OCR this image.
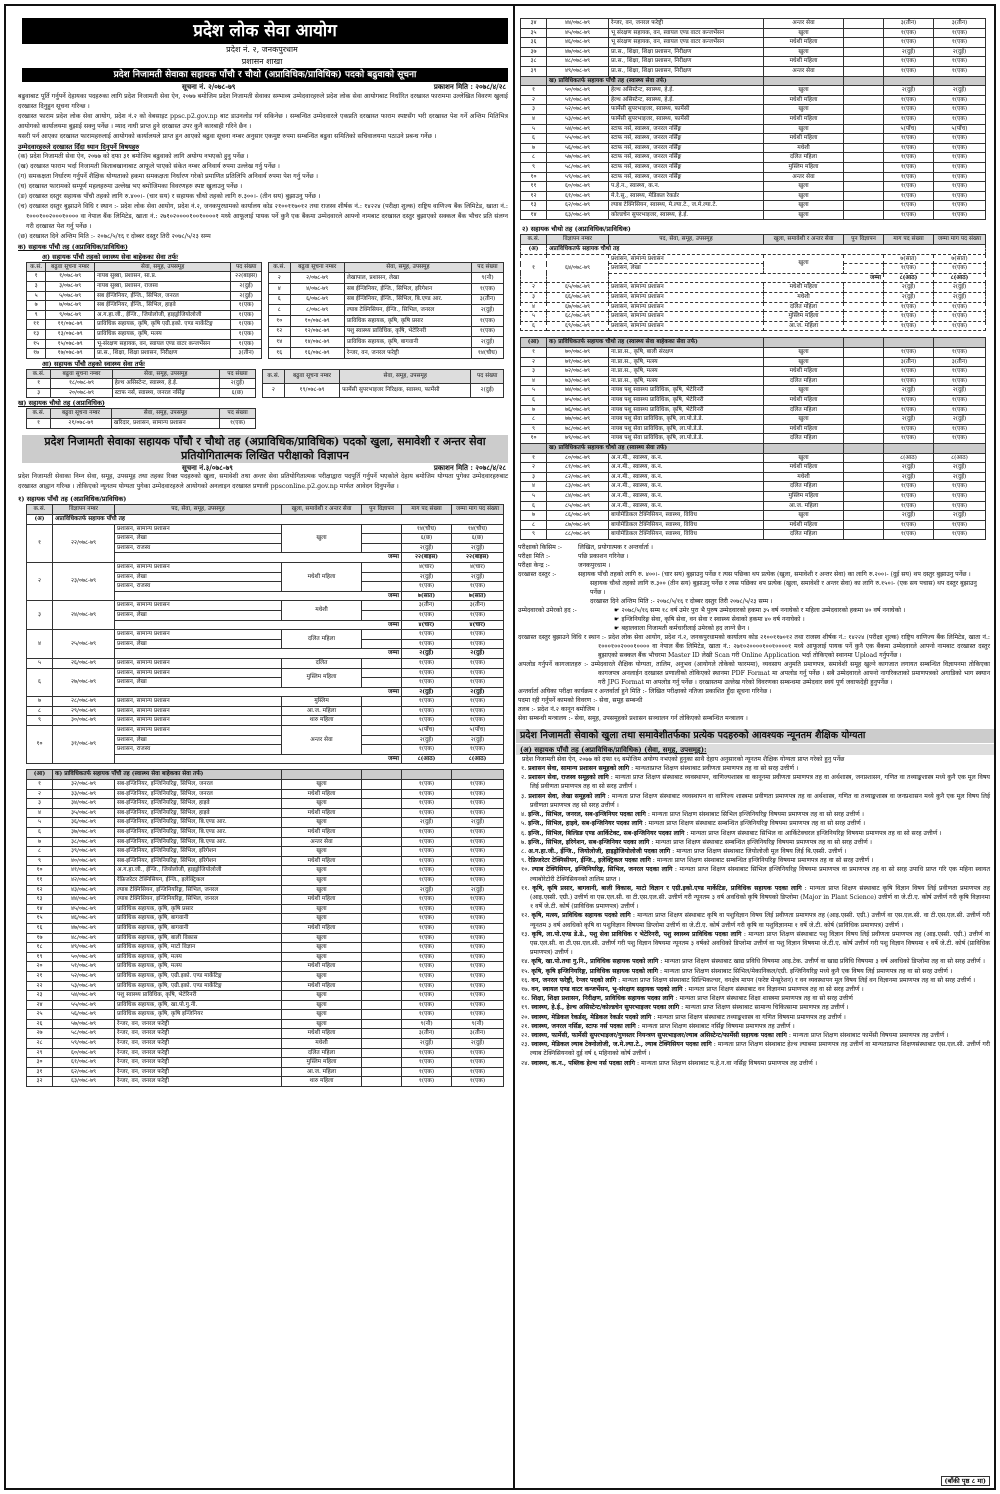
प्रदेश लोक सेवा आयोग
प्रदेश नं. २, जनकपुरधाम
प्रशासन शाखा
प्रदेश निजामती सेवाका सहायक पाँचौ र चौथो (अप्राविधिक/प्राविधिक) पदको बढुवाको सूचना
सूचना नं. २/०७८-७९	प्रकाशन मिति : २०७८/४/२८

बढुवाबाट पूर्ति गर्नुपर्ने देहायका पदहरुका लागि प्रदेश निजामती सेवा ऐन, २०७७ बमोजिम प्रदेश निजामती सेवाका सम्भाव्य उम्मेदवारहरुले प्रदेश लोक सेवा आयोगबाट निर्धारित दरखास्त फाराममा उल्लेखित विवरण खुलाई दरखास्त दिनुहुन सूचना गरिन्छ ।

दरखास्त फाराम प्रदेश लोक सेवा आयोग, प्रदेश नं.२ को वेबसाइट ppsc.p2.gov.np बाट डाउनलोड गर्न सकिनेछ । सम्बन्धित उम्मेदवारले एकप्रति दरखास्त फाराम स्पष्टसँग भरी दरखास्त पेश गर्ने अन्तिम मितिभित्र आयोगको कार्यालयमा बुझाई सक्नु पर्नेछ । म्याद नाघी प्राप्त हुने दरखास्त उपर कुनै कारबाही गरिने छैन ।

यसरी पर्न आएका दरखास्त फारामहरुलाई आयोगको कार्यालयले प्राप्त हुन आएको बढुवा सूचना नम्बर अनुसार एकमुष्ट रुपमा सम्बन्धित बढुवा समितिको सचिवालयमा पठाउने प्रबन्ध गर्नेछ ।

उम्मेदवारहरुले दरखास्त दिँदा ध्यान दिनुपर्ने विषयहरु

(क) प्रदेश निजामती सेवा ऐन, २०७७ को दफा ३१ बमोजिम बढुवाको लागि अयोग्य नभएको हुनु पर्नेछ ।

(ख) दरखास्त फाराम भर्दा निजामती किताबखानाबाट आफूले पाएको संकेत नम्बर अनिवार्य रुपमा उल्लेख गर्नु पर्नेछ ।

(ग) समकक्षता निर्धारण गर्नुपर्ने शैक्षिक योग्यताको हकमा समकक्षता निर्धारण गरेको प्रमाणित प्रतिलिपि अनिवार्य रुपमा पेश गर्नु पर्नेछ ।

(घ) दरखास्त फारामको सम्पूर्ण महलहरुमा उल्लेख भए बमोजिमका विवरणहरु स्पष्ट खुलाउनु पर्नेछ ।

(ङ) दरखास्त दस्तुर सहायक पाँचौ तहको लागि रु.४००।- (चार सय) र सहायक चौथो तहको लागि रु.३००।- (तीन सय) बुझाउनु पर्नेछ ।

(च) दरखास्त दस्तुर बुझाउने विधि र स्थान :- प्रदेश लोक सेवा आयोग, प्रदेश नं.२, जनकपुरधामको कार्यालय कोड २१००११७०१२ तथा राजस्व शीर्षक नं.: १४२२४ (परीक्षा शुल्क) राष्ट्रिय वाणिज्य बैंक लिमिटेड, खाता नं.: १०००१००२०००१०००० वा नेपाल बैंक लिमिटेड, खाता नं.: २७१०२००००१००१००००१ मध्ये आफूलाई पायक पर्ने कुनै एक बैंकमा उम्मेदवारले आफ्नो नामबाट दरखास्त दस्तुर बुझाएको सक्कल बैंक भौचर प्रति संलग्न गरी दरखास्त पेश गर्नु पर्नेछ ।

(छ) दरखास्त दिने अन्तिम मिति :- २०७८/५/१६ र दोब्बर दस्तुर तिरी २०७८/५/२३ सम्म

क) सहायक पाँचौ तह (अप्राविधिक/प्राविधिक)
अ) सहायक पाँचौ तहको स्वास्थ्य सेवा बाहेकका सेवा तर्फः
क.सं.	बढुवा सूचना नम्बर	सेवा, समूह, उपसमूह	पद संख्या
१	१/०७८-७९	नायब सुब्बा, प्रशासन, सा.प्र.	२२(बाइस)
३	३/०७८-७९	नायब सुब्बा, प्रशासन, राजस्व	२(दुई)
५	५/०७८-७९	सब ईन्जिनियर, ईन्जि., सिभिल, जनरल	२(दुई)
७	७/०७८-७९	सब ईन्जिनियर, ईन्जि., सिभिल, हाइवे	१(एक)
९	९/०७८-७९	अ.ग.हा.जी., ईन्जि., जियोलोजी, हाइड्रोजियोलोजी	१(एक)
११	११/०७८-७९	प्राविधिक सहायक, कृषि, कृषि एग्री.इको. एण्ड मार्केटिङ्ग	१(एक)
१३	१३/०७८-७९	प्राविधिक सहायक, कृषि, मत्स्य	१(एक)
१५	१५/०७८-७९	भू-संरक्षण सहायक, वन, स्वायल एण्ड वाटर कन्जर्भेसन	१(एक)
१७	१७/०७८-७९	प्रा.स., शिक्षा, शिक्षा प्रशासन, निरीक्षण	३(तीन)
क.सं.	बढुवा सूचना नम्बर	सेवा, समूह, उपसमूह	पद संख्या
२	२/०७८-७९	लेखापाल, प्रशासन, लेखा	९(नौ)
४	४/०७८-७९	सब ईन्जिनियर, ईन्जि., सिभिल, इरिगेशन	१(एक)
६	६/०७८-७९	सब ईन्जिनियर, ईन्जि., सिभिल, बि.एण्ड आर.	३(तीन)
८	८/०७८-७९	ल्याब टेक्निसियन, ईन्जि., सिभिल, जनरल	२(दुई)
१०	१०/०७८-७९	प्राविधिक सहायक, कृषि, कृषि प्रसार	१(एक)
१२	१२/०७८-७९	पशु स्वास्थ्य प्राविधिक, कृषि, भेटेरिनरी	१(एक)
१४	१४/०७८-७९	प्राविधिक सहायक, कृषि, बागवानी	२(दुई)
१६	१६/०७८-७९	रेन्जर, वन, जनरल फरेष्ट्री	१४(चौध)
आ) सहायक पाँचौ तहको स्वास्थ्य सेवा तर्फः
क.सं.	बढुवा सूचना नम्बर	सेवा, समूह, उपसमूह	पद संख्या
१	१८/०७८-७९	हेल्थ असिस्टेन्ट, स्वास्थ्य, हे.ई.	२(दुई)
३	२०/०७८-७९	स्टाफ नर्स, स्वास्थ्य, जनरल नर्सिङ्ग	६(छ)
क.सं.	बढुवा सूचना नम्बर	सेवा, समूह, उपसमूह	पद संख्या
२	१९/०७८-७९	फार्मेसी सुपरभाइजर निरिक्षक, स्वास्थ्य, फार्मेसी	२(दुई)
ख) सहायक चौथो तह (अप्राविधिक)
क.सं.	बढुवा सूचना नम्बर	सेवा, समूह, उपसमूह	पद संख्या
१	२१/०७८-७९	खरिदार, प्रशासन, सामान्य प्रशासन	१(एक)
प्रदेश निजामती सेवाका सहायक पाँचौ र चौथो तह (अप्राविधिक/प्राविधिक) पदको खुला, समावेशी र अन्तर सेवा प्रतियोगितात्मक लिखित परीक्षाको विज्ञापन
सूचना नं.३/०७८-७९	प्रकाशन मिति : २०७८/४/२८

प्रदेश निजामती सेवाका निम्न सेवा, समूह, उपसमूह तथा तहका रिक्त पदहरुको खुला, समावेशी तथा अन्तर सेवा प्रतियोगितात्मक परीक्षाद्वारा पदपूर्ति गर्नुपर्ने भएकोले देहाय बमोजिम योग्यता पुगेका उम्मेदवारहरुबाट दरखास्त आह्वान गरिन्छ । तोकिएको न्यूनतम योग्यता पुगेका उम्मेदवारहरुले आयोगको अनलाइन दरखास्त प्रणाली ppsconline.p2.gov.np मार्फत आवेदन दिनुपर्नेछ ।

१) सहायक पाँचौ तह (अप्राविधिक/प्राविधिक)
क.सं.	विज्ञापन नम्बर	पद, सेवा, समूह, उपसमूह	खुला, समावेशी र अन्तर सेवा	पुन विज्ञापन	माग पद संख्या	जम्मा माग पद संख्या
(अ)	अप्राविधिकतर्फ सहायक पाँचौ तह					
१	२२/०७८-७९	प्रशासन, सामान्य प्रशासन	खुला		१४(चौध)	१४(चौध)
		प्रशासन, लेखा			६(छ)	६(छ)
		प्रशासन, राजस्व			२(दुई)	२(दुई)
		जम्मा			२२(बाइस)	२२(बाइस)
२	२३/०७८-७९	प्रशासन, सामान्य प्रशासन	मधेशी महिला		४(चार)	४(चार)
		प्रशासन, लेखा			२(दुई)	२(दुई)
		प्रशासन, राजस्व			१(एक)	१(एक)
		जम्मा			७(सात)	७(सात)
३	२४/०७८-७९	प्रशासन, सामान्य प्रशासन	मधेशी		३(तीन)	३(तीन)
		प्रशासन, लेखा			१(एक)	१(एक)
		जम्मा			४(चार)	४(चार)
४	२५/०७८-७९	प्रशासन, सामान्य प्रशासन	दलित महिला		१(एक)	१(एक)
		प्रशासन, लेखा			१(एक)	१(एक)
		जम्मा			२(दुई)	२(दुई)
५	२६/०७८-७९	प्रशासन, सामान्य प्रशासन	दलित		१(एक)	१(एक)
६	२७/०७८-७९	प्रशासन, सामान्य प्रशासन	मुस्लिम महिला		१(एक)	१(एक)
		प्रशासन, लेखा			१(एक)	१(एक)
		जम्मा			२(दुई)	२(दुई)
७	२८/०७८-७९	प्रशासन, सामान्य प्रशासन	मुस्लिम		१(एक)	१(एक)
८	२९/०७८-७९	प्रशासन, सामान्य प्रशासन	आ.ज. महिला		१(एक)	१(एक)
९	३०/०७८-७९	प्रशासन, सामान्य प्रशासन	थारु महिला		१(एक)	१(एक)
१०	३१/०७८-७९	प्रशासन, सामान्य प्रशासन	अन्तर सेवा		५(पाँच)	५(पाँच)
		प्रशासन, लेखा			२(दुई)	२(दुई)
		प्रशासन, राजस्व			१(एक)	१(एक)
		जम्मा			८(आठ)	८(आठ)

(आ)	क) प्राविधिकतर्फ सहायक पाँचौ तह (स्वास्थ्य सेवा बाहेकका सेवा तर्फ)					
१	३२/०७८-७९	सब-इन्जिनियर, इन्जिनियरिङ्ग, सिभिल, जनरल	खुला		१(एक)	१(एक)
२	३३/०७८-७९	सब-इन्जिनियर, इन्जिनियरिङ्ग, सिभिल, जनरल	मधेशी महिला		१(एक)	१(एक)
३	३४/०७८-७९	सब-इन्जिनियर, इन्जिनियरिङ्ग, सिभिल, हाइवे	खुला		१(एक)	१(एक)
४	३५/०७८-७९	सब-इन्जिनियर, इन्जिनियरिङ्ग, सिभिल, हाइवे	मधेशी महिला		१(एक)	१(एक)
५	३६/०७८-७९	सब-इन्जिनियर, इन्जिनियरिङ्ग, सिभिल, बि.एण्ड आर.	खुला		२(दुई)	२(दुई)
६	३७/०७८-७९	सब-इन्जिनियर, इन्जिनियरिङ्ग, सिभिल, बि.एण्ड आर.	मधेशी महिला		१(एक)	१(एक)
७	३८/०७८-७९	सब-इन्जिनियर, इन्जिनियरिङ्ग, सिभिल, बि.एण्ड आर.	अन्तर सेवा		१(एक)	१(एक)
८	३९/०७८-७९	सब-इन्जिनियर, इन्जिनियरिङ्ग, सिभिल, इरिगेशन	खुला		१(एक)	१(एक)
९	४०/०७८-७९	सब-इन्जिनियर, इन्जिनियरिङ्ग, सिभिल, इरिगेशन	मधेशी महिला		१(एक)	१(एक)
१०	४१/०७८-७९	अ.ग.हा.जी., ईन्जि., जियोलोजी, हाइड्रोजियोलोजी	खुला		१(एक)	१(एक)
११	४२/०७८-७९	रेफ्रिजरेटर टेक्निसियन, ईन्जि., इलेक्ट्रिकल	खुला		१(एक)	१(एक)
१२	४३/०७८-७९	ल्याब टेक्निसियन, इन्जिनियरिङ्ग, सिभिल, जनरल	खुला		२(दुई)	२(दुई)
१३	४४/०७८-७९	ल्याब टेक्निसियन, इन्जिनियरिङ्ग, सिभिल, जनरल	मधेशी महिला		१(एक)	१(एक)
१४	४५/०७८-७९	प्राविधिक सहायक, कृषि, कृषि प्रसार	खुला		१(एक)	१(एक)
१५	४६/०७८-७९	प्राविधिक सहायक, कृषि, बागवानी	खुला		१(एक)	१(एक)
१६	४७/०७८-७९	प्राविधिक सहायक, कृषि, बागवानी	मधेशी महिला		१(एक)	१(एक)
१७	४८/०७८-७९	प्राविधिक सहायक, कृषि, बाली विकास	खुला		१(एक)	१(एक)
१८	४९/०७८-७९	प्राविधिक सहायक, कृषि, माटो विज्ञान	खुला		१(एक)	१(एक)
१९	५०/०७८-७९	प्राविधिक सहायक, कृषि, मत्स्य	खुला		१(एक)	१(एक)
२०	५१/०७८-७९	प्राविधिक सहायक, कृषि, मत्स्य	मधेशी महिला		१(एक)	१(एक)
२१	५२/०७८-७९	प्राविधिक सहायक, कृषि, एग्री.इको. एण्ड मार्केटिङ्ग	खुला		१(एक)	१(एक)
२२	५३/०७८-७९	प्राविधिक सहायक, कृषि, एग्री.इको. एण्ड मार्केटिङ्ग	मधेशी महिला		१(एक)	१(एक)
२३	५४/०७८-७९	पशु स्वास्थ्य प्राविधिक, कृषि, भेटेरिनरी	खुला		१(एक)	१(एक)
२४	५५/०७८-७९	प्राविधिक सहायक, कृषि, खा.पो.गु.नी.	खुला		१(एक)	१(एक)
२५	५६/०७८-७९	प्राविधिक सहायक, कृषि, कृषि इन्जिनियर	खुला		१(एक)	१(एक)
२६	५७/०७८-७९	रेन्जर, वन, जनरल फरेष्ट्री	खुला		९(नौ)	९(नौ)
२७	५८/०७८-७९	रेन्जर, वन, जनरल फरेष्ट्री	मधेशी महिला		३(तीन)	३(तीन)
२८	५९/०७८-७९	रेन्जर, वन, जनरल फरेष्ट्री	मधेशी		२(दुई)	२(दुई)
२९	६०/०७८-७९	रेन्जर, वन, जनरल फरेष्ट्री	दलित महिला		१(एक)	१(एक)
३०	६१/०७८-७९	रेन्जर, वन, जनरल फरेष्ट्री	मुस्लिम महिला		१(एक)	१(एक)
३१	६२/०७८-७९	रेन्जर, वन, जनरल फरेष्ट्री	आ.ज. महिला		१(एक)	१(एक)
३२	६३/०७८-७९	रेन्जर, वन, जनरल फरेष्ट्री	थारु महिला		१(एक)	१(एक)
३४	४४/०७८-७९	रेन्जर, वन, जनरल फरेष्ट्री	अन्तर सेवा		३(तीन)	३(तीन)
३५	४५/०७८-७९	भू संरक्षण सहायक, वन, स्वायल एण्ड वाटर कन्जर्भेसन	खुला		१(एक)	१(एक)
३६	४६/०७८-७९	भू संरक्षण सहायक, वन, स्वायल एण्ड वाटर कन्जर्भेसन	मधेशी महिला		१(एक)	१(एक)
३७	४७/०७८-७९	प्रा.स., शिक्षा, शिक्षा प्रशासन, निरीक्षण	खुला		२(दुई)	२(दुई)
३८	४८/०७८-७९	प्रा.स., शिक्षा, शिक्षा प्रशासन, निरीक्षण	मधेशी महिला		१(एक)	१(एक)
३९	४९/०७८-७९	प्रा.स., शिक्षा, शिक्षा प्रशासन, निरीक्षण	अन्तर सेवा		१(एक)	१(एक)
	ख) प्राविधिकतर्फ सहायक पाँचौ तह (स्वास्थ्य सेवा तर्फ)					
१	५०/०७८-७९	हेल्थ असिस्टेन्ट, स्वास्थ्य, हे.ई.	खुला		२(दुई)	२(दुई)
२	५१/०७८-७९	हेल्थ असिस्टेन्ट, स्वास्थ्य, हे.ई.	मधेशी महिला		१(एक)	१(एक)
३	५२/०७८-७९	फार्मेसी सुपरभाइजर, स्वास्थ्य, फार्मेसी	खुला		१(एक)	१(एक)
४	५३/०७८-७९	फार्मेसी सुपरभाइजर, स्वास्थ्य, फार्मेसी	मधेशी महिला		१(एक)	१(एक)
५	५४/०७८-७९	स्टाफ नर्स, स्वास्थ्य, जनरल नर्सिङ्ग	खुला		५(पाँच)	५(पाँच)
६	५५/०७८-७९	स्टाफ नर्स, स्वास्थ्य, जनरल नर्सिङ्ग	मधेशी महिला		१(एक)	१(एक)
७	५६/०७८-७९	स्टाफ नर्स, स्वास्थ्य, जनरल नर्सिङ्ग	मधेशी		१(एक)	१(एक)
८	५७/०७८-७९	स्टाफ नर्स, स्वास्थ्य, जनरल नर्सिङ्ग	दलित महिला		१(एक)	१(एक)
९	५८/०७८-७९	स्टाफ नर्स, स्वास्थ्य, जनरल नर्सिङ्ग	मुस्लिम महिला		१(एक)	१(एक)
१०	५९/०७८-७९	स्टाफ नर्स, स्वास्थ्य, जनरल नर्सिङ्ग	अन्तर सेवा		१(एक)	१(एक)
११	६०/०७८-७९	प.हे.न., स्वास्थ्य, क.न.	खुला		१(एक)	१(एक)
१२	६१/०७८-७९	मे.रे.सु., स्वास्थ्य, मेडिकल रेकर्डर	खुला		१(एक)	१(एक)
१३	६२/०७८-७९	ल्याब टेक्निसियन, स्वास्थ्य, मे.ल्या.टे., ज.मे.ल्या.टे.	खुला		१(एक)	१(एक)
१४	६३/०७८-७९	कोल्डचेन सुपरभाइजर, स्वास्थ्य, हे.ई.	खुला		१(एक)	१(एक)
२) सहायक चौथो तह (अप्राविधिक/प्राविधिक)
क.सं.	विज्ञापन नम्बर	पद, सेवा, समूह, उपसमूह	खुला, समावेशी र अन्तर सेवा	पुन विज्ञापन	माग पद संख्या	जम्मा माग पद संख्या
(अ)	अप्राविधिकतर्फ सहायक चौथो तह					
१	६४/०७८-७९	प्रशासन, सामान्य प्रशासन	खुला		७(सात)	७(सात)
		प्रशासन, लेखा			१(एक)	१(एक)
		जम्मा			८(आठ)	८(आठ)
२	६५/०७८-७९	प्रशासन, सामान्य प्रशासन	मधेशी महिला		२(दुई)	२(दुई)
३	६६/०७८-७९	प्रशासन, सामान्य प्रशासन	मधेशी		२(दुई)	२(दुई)
४	६७/०७८-७९	प्रशासन, सामान्य प्रशासन	दलित महिला		१(एक)	१(एक)
५	६८/०७८-७९	प्रशासन, सामान्य प्रशासन	मुस्लिम महिला		१(एक)	१(एक)
६	६९/०७८-७९	प्रशासन, सामान्य प्रशासन	आ.ज. महिला		१(एक)	१(एक)
(आ)	क) प्राविधिकतर्फ सहायक चौथो तह (स्वास्थ्य सेवा बाहेकका सेवा तर्फ)					
१	७०/०७८-७९	ना.प्रा.स., कृषि, बाली संरक्षण	खुला		१(एक)	१(एक)
२	७१/०७८-७९	ना.प्रा.स., कृषि, मत्स्य	खुला		३(तीन)	३(तीन)
३	७२/०७८-७९	ना.प्रा.स., कृषि, मत्स्य	मधेशी महिला		१(एक)	१(एक)
४	७३/०७८-७९	ना.प्रा.स., कृषि, मत्स्य	दलित महिला		१(एक)	१(एक)
५	७४/०७८-७९	नायब पशु स्वास्थ्य प्राविधिक, कृषि, भेटेरिनरी	खुला		२(दुई)	२(दुई)
६	७५/०७८-७९	नायब पशु स्वास्थ्य प्राविधिक, कृषि, भेटेरिनरी	मधेशी महिला		१(एक)	१(एक)
७	७६/०७८-७९	नायब पशु स्वास्थ्य प्राविधिक, कृषि, भेटेरिनरी	दलित महिला		१(एक)	१(एक)
८	७७/०७८-७९	नायब पशु सेवा प्राविधिक, कृषि, ला.पो.डे.डे.	खुला		२(दुई)	२(दुई)
९	७८/०७८-७९	नायब पशु सेवा प्राविधिक, कृषि, ला.पो.डे.डे.	मधेशी महिला		१(एक)	१(एक)
१०	७९/०७८-७९	नायब पशु सेवा प्राविधिक, कृषि, ला.पो.डे.डे.	दलित महिला		१(एक)	१(एक)
	ख) प्राविधिकतर्फ सहायक चौथो तह (स्वास्थ्य सेवा तर्फ)					
१	८०/०७८-७९	अ.न.मी., स्वास्थ्य, क.न.	खुला		८(आठ)	८(आठ)
२	८१/०७८-७९	अ.न.मी., स्वास्थ्य, क.न.	मधेशी महिला		२(दुई)	२(दुई)
३	८२/०७८-७९	अ.न.मी., स्वास्थ्य, क.न.	मधेशी		२(दुई)	२(दुई)
४	८३/०७८-७९	अ.न.मी., स्वास्थ्य, क.न.	दलित महिला		१(एक)	१(एक)
५	८४/०७८-७९	अ.न.मी., स्वास्थ्य, क.न.	मुस्लिम महिला		१(एक)	१(एक)
६	८५/०७८-७९	अ.न.मी., स्वास्थ्य, क.न.	आ.ज. महिला		१(एक)	१(एक)
७	८६/०७८-७९	बायोमेडिकल टेक्निसियन, स्वास्थ्य, विविध	खुला		२(दुई)	२(दुई)
८	८७/०७८-७९	बायोमेडिकल टेक्निसियन, स्वास्थ्य, विविध	मधेशी महिला		१(एक)	१(एक)
९	८८/०७८-७९	बायोमेडिकल टेक्निसियन, स्वास्थ्य, विविध	दलित महिला		१(एक)	१(एक)
परीक्षाको किसिम :-	लिखित, प्रयोगात्मक र अन्तर्वार्ता ।
परीक्षा मिति :-	पछि प्रकाशन गरिनेछ ।
परीक्षा केन्द्र :-	जनकपुरधाम ।
दरखास्त दस्तुर :-	सहायक पाँचौ तहको लागि रु. ४००।- (चार सय) बुझाउनु पर्नेछ र त्यस पछिका थप प्रत्येक (खुला, समावेशी र अन्तर सेवा) का लागि रु.२००।- (दुई सय) थप दस्तुर बुझाउनु पर्नेछ ।
सहायक चौथो तहको लागि रु.३०० (तीन सय) बुझाउनु पर्नेछ र त्यस पछिका थप प्रत्येक (खुला, समावेशी र अन्तर सेवा) का लागि रु.१५०।- (एक सय पचास) थप दस्तुर बुझाउनु पर्नेछ ।
दरखास्त दिने अन्तिम मिति :- २०७८/५/१६ र दोब्बर दस्तुर तिरी २०७८/५/२३ सम्म ।
उम्मेदवारको उमेरको हद :-	☛ २०७८/५/१६ सम्म १८ वर्ष उमेर पुरा भै पुरुष उम्मेदवारको हकमा ३५ वर्ष ननाघेको र महिला उम्मेदवारको हकमा ४० वर्ष ननाघेको ।
☛ इन्जिनियरिङ्ग सेवा, कृषि सेवा, वन सेवा र स्वास्थ्य सेवाको हकमा ४० वर्ष ननाघेको ।
☛ बहालवाला निजामती कर्मचारीलाई उमेरको हद लाग्ने छैन ।
दरखास्त दस्तुर बुझाउने विधि र स्थान :- प्रदेश लोक सेवा आयोग, प्रदेश नं.२, जनकपुरधामको कार्यालय कोड २१००११७०१२ तथा राजस्व शीर्षक नं.: १४२२४ (परीक्षा शुल्क) राष्ट्रिय वाणिज्य बैंक लिमिटेड, खाता नं.: १०००१००२०००१०००० वा नेपाल बैंक लिमिटेड, खाता नं.: २७१०२००००१००१००००१ मध्ये आफूलाई पायक पर्ने कुनै एक बैंकमा उम्मेदवारले आफ्नो नामबाट दरखास्त दस्तुर बुझाएको सक्कल बैंक भौचरमा Master ID लेखी Scan गरी Online Application भर्दा तोकिएको स्थानमा Upload गर्नुपर्नेछ ।
अपलोड गर्नुपर्ने कागजातहरु :- उम्मेदवारले शैक्षिक योग्यता, तालिम, अनुभव (आयोगले तोकेको फारममा), व्यवसाय अनुमति प्रमाणपत्र, समावेशी समूह खुल्ने कागजात लगायत सम्बन्धित विज्ञापनमा तोकिएका कागजपत्र अनलाईन दरखास्त प्रणालीको तोकिएको स्थानमा PDF Format मा अपलोड गर्नु पर्नेछ । सबै उम्मेदवारले आफ्नो नागरिकताको प्रमाणपत्रको अगाडिको भाग स्क्यान गरी JPG Format मा अपलोड गर्नु पर्नेछ । दरखास्तमा उल्लेख गरेको विवरणका सम्बन्धमा उम्मेदवार स्वयं पूर्ण जवाफदेही हुनुपर्नेछ ।
अन्तर्वार्ता अघिका परीक्षा कार्यक्रम र अन्तर्वार्ता हुने मिति :- लिखित परीक्षाको नतिजा प्रकाशित हुँदा सूचना गरिनेछ ।
पदमा रही गर्नुपर्ने कामको विवरण :- सेवा, समूह सम्बन्धी
तलब :- प्रदेश नं.२ कानून बमोजिम ।
सेवा सम्बन्धी मन्त्रालय :- सेवा, समूह, उपसमूहको प्रशासन सञ्चालन गर्न तोकिएको सम्बन्धित मन्त्रालय ।
प्रदेश निजामती सेवाको खुला तथा समावेशीतर्फका प्रत्येक पदहरुको आवश्यक न्यूनतम शैक्षिक योग्यता
(अ) सहायक पाँचौ तह (अप्राविधिक/प्राविधिक) (सेवा, समूह, उपसमूह):
प्रदेश निजामती सेवा ऐन, २०७७ को दफा १६ बमोजिम अयोग्य नभएको हुनुका साथै देहाय अनुसारको न्यूनतम शैक्षिक योग्यता प्राप्त गरेको हुनु पर्नेछ
१. प्रशासन सेवा, सामान्य प्रशासन समूहको लागि : मान्यताप्राप्त शिक्षण संस्थाबाट प्रवीणता प्रमाणपत्र तह वा सो सरह उत्तीर्ण ।
२. प्रशासन सेवा, राजस्व समूहको लागि : मान्यता प्राप्त शिक्षण संस्थाबाट व्यवस्थापन, वाणिज्यशास्त्र वा कानूनमा प्रवीणता प्रमाणपत्र तह वा अर्थशास्त्र, जनप्रशासन, गणित वा तथ्याङ्कशास्त्र मध्ये कुनै एक मूल विषय लिई प्रवीणता प्रमाणपत्र तह वा सो सरह उत्तीर्ण ।
३. प्रशासन सेवा, लेखा समूहको लागि : मान्यता प्राप्त शिक्षण संस्थाबाट व्यवस्थापन वा वाणिज्य शास्त्रमा प्रवीणता प्रमाणपत्र तह वा अर्थशास्त्र, गणित वा तथ्याङ्कशास्त्र वा जनप्रशासन मध्ये कुनै एक मूल विषय लिई प्रवीणता प्रमाणपत्र तह सो सरह उत्तीर्ण ।
४. इन्जि., सिभिल, जनरल, सब-इन्जिनियर पदका लागि : मान्यता प्राप्त शिक्षण संस्थाबाट सिभिल इन्जिनियरिङ्ग विषयमा प्रमाणपत्र तह वा सो सरह उत्तीर्ण ।
५. इन्जि., सिभिल, हाइवे, सब-इन्जिनियर पदका लागि : मान्यता प्राप्त शिक्षण संस्थाबाट सम्बन्धित इन्जिनियरिङ्ग विषयमा प्रमाणपत्र तह वा सो सरह उत्तीर्ण ।
६. इन्जि., सिभिल, बिल्डिङ एण्ड आर्किटेक्ट, सब-इन्जिनियर पदका लागि : मान्यता प्राप्त शिक्षण संस्थाबाट सिभिल वा आर्किटेक्चरल इन्जिनियरिङ्ग विषयमा प्रमाणपत्र तह वा सो सरह उत्तीर्ण ।
७. इन्जि., सिभिल, इरिगेशन, सब-इन्जिनियर पदका लागि : मान्यता प्राप्त शिक्षण संस्थाबाट सम्बन्धित इन्जिनियरिङ्ग विषयमा प्रमाणपत्र तह वा सो सरह उत्तीर्ण ।
८. अ.ग.हा.जी., ईन्जि., जियोलोजी, हाइड्रोजियोलोजी पदका लागि : मान्यता प्राप्त शिक्षण संस्थाबाट जियोलोजी मूल विषय लिई बि.एस्सी. उत्तीर्ण ।
९. रेफ्रिजरेटर टेक्निसीयन, ईन्जि., इलेक्ट्रिकल पदका लागि : मान्यता प्राप्त शिक्षण संस्थाबाट सम्बन्धित इन्जिनियरिङ्ग विषयमा प्रमाणपत्र तह वा सो सरह उत्तीर्ण ।
१०. ल्याब टेक्निसियन, इन्जिनियरिङ्ग, सिभिल, जनरल पदका लागि : मान्यता प्राप्त शिक्षण संस्थाबाट सिभिल इन्जिनियरिङ्ग विषयमा प्रमाणपत्र वा प्रमाणपत्र तह वा सो सरह उपाधि प्राप्त गरि एक महिना स्वायत ल्याबोरेटोरी टेक्निसियनको तालिम प्राप्त ।
११. कृषि, कृषि प्रसार, बागवानी, बाली विकास, माटो विज्ञान र एग्री.इको.एण्ड मार्केटिङ, प्राविधिक सहायक पदका लागि : मान्यता प्राप्त शिक्षण संस्थाबाट कृषि विज्ञान विषय लिई प्रवीणता प्रमाणपत्र तह (आइ.एस्सी. एग्री.) उत्तीर्ण वा एस.एल.सी. वा टी.एस.एल.सी. उत्तीर्ण गरी न्यूनतम ३ वर्ष अवधिको कृषि विषयको डिप्लोमा (Major in Plant Science) उत्तीर्ण वा जे.टी.ए. कोर्ष उत्तीर्ण गरी कृषि विज्ञानमा १ वर्षे जे.टी. कोर्ष (प्राविधिक प्रमाणपत्र) उत्तीर्ण ।
१२. कृषि, मत्स्य, प्राविधिक सहायक पदको लागि : मान्यता प्राप्त शिक्षण संस्थाबाट कृषि वा पशुविज्ञान विषय लिई प्रवीणता प्रमाणपत्र तह (आइ.एस्सी. एग्री.) उत्तीर्ण वा एस.एल.सी. वा टी.एस.एल.सी. उत्तीर्ण गरी न्यूनतम ३ वर्ष अवधिको कृषि वा पशुविज्ञान विषयमा डिप्लोमा उत्तीर्ण वा जे.टी.ए. कोर्ष उत्तीर्ण गरी कृषि वा पशुविज्ञानमा १ वर्षे जे.टी. कोर्ष (प्राविधिक प्रमाणपत्र) उत्तीर्ण ।
१३. कृषि, ला.पो.एण्ड डे.डे., पशु सेवा प्राविधिक र भेटेरिनरी, पशु स्वास्थ्य प्राविधिक पदका लागि : मान्यता प्राप्त शिक्षण संस्थाबाट पशु विज्ञान विषय लिई प्रवीणता प्रमाणपत्र तह (आइ.एस्सी. एग्री.) उत्तीर्ण वा एस.एल.सी. वा टी.एस.एल.सी. उत्तीर्ण गरी पशु विज्ञान विषयमा न्यूनतम ३ वर्षको अवधिको डिप्लोमा उत्तीर्ण वा पशु विज्ञान विषयमा जे.टी.ए. कोर्ष उत्तीर्ण गरी पशु विज्ञान विषयमा १ वर्षे जे.टी. कोर्ष (प्राविधिक प्रमाणपत्र) उत्तीर्ण ।
१४. कृषि, खा.पो.तथा गु.नि., प्राविधिक सहायक पदको लागि : मान्यता प्राप्त शिक्षण संस्थाबाट खाद्य प्रविधि विषयमा आइ.टेक. उत्तीर्ण वा खाद्य प्रविधि विषयमा ३ वर्ष अवधिको डिप्लोमा तह वा सो सरह उत्तीर्ण ।
१५. कृषि, कृषि इन्जिनियरिङ्ग, प्राविधिक सहायक पदको लागि : मान्यता प्राप्त शिक्षण संस्थाबाट सिभिल/मेकानिकल/एग्री. इन्जिनियरिङ्ग मध्ये कुनै एक विषय लिई प्रमाणपत्र तह वा सो सरह उत्तीर्ण ।
१६. वन, जनरल फरेष्ट्री, रेन्जर पदको लागि : मान्यता प्राप्त शिक्षण संस्थाबाट सिल्भिकल्चर, वनक्षेत्र मापन (फरेष्ट मेन्सुरेशन) र वन व्यवस्थापन मूल विषय लिई वन विज्ञानमा प्रमाणपत्र तह वा सो सरह उत्तीर्ण ।
१७. वन, स्वायल एण्ड वाटर कन्जर्भेसन, भू-संरक्षण सहायक पदको लागि : मान्यता प्राप्त शिक्षण संस्थाबाट वन विज्ञानमा प्रमाणपत्र तह वा सो सरह उत्तीर्ण ।
१८. शिक्षा, शिक्षा प्रशासन, निरीक्षण, प्राविधिक सहायक पदका लागि : मान्यता प्राप्त शिक्षण संस्थाबाट शिक्षा शास्त्रमा प्रमाणपत्र तह वा सो सरह उत्तीर्ण
१९. स्वास्थ्य, हे.ई., हेल्थ असिस्टेन्ट/कोल्डचेन सुपरभाइजर पदका लागि : मान्यता प्राप्त शिक्षण संस्थाबाट सामान्य चिकित्सामा प्रमाणपत्र तह उत्तीर्ण ।
२०. स्वास्थ्य, मेडिकल रेकर्डस्, मेडिकल रेकर्डर पदको लागि : मान्यता प्राप्त शिक्षण संस्थाबाट तथ्याङ्कशास्त्र वा गणित विषयमा प्रमाणपत्र तह उत्तीर्ण ।
२१. स्वास्थ्य, जनरल नर्सिङ, स्टाफ नर्स पदका लागि : मान्यता प्राप्त शिक्षण संस्थाबाट नर्सिङ्ग विषयमा प्रमाणपत्र तह उत्तीर्ण ।
२२. स्वास्थ्य, फार्मेसी, फार्मेसी सुपरभाइजर/गुणस्तर नियन्त्रण सुपरभाइजर/ल्याब असिस्टेन्ट/फार्मेसी सहायक पदका लागि : मान्यता प्राप्त शिक्षण संस्थाबाट फार्मेसी विषयमा प्रमाणपत्र तह उत्तीर्ण ।
२३. स्वास्थ्य, मेडिकल ल्याब टेक्नोलोजी, ज.मे.ल्या.टे., ल्याब टेक्निसियन पदका लागि : मान्यता प्राप्त शिक्षण संस्थाबाट हेल्थ ल्याबमा प्रमाणपत्र तह उत्तीर्ण वा मान्यताप्राप्त शिक्षणसंस्थाबाट एस.एल.सी. उत्तीर्ण गरी ल्याब टेक्निसियनको दुई वर्ष ६ महिनाको कोर्ष उत्तीर्ण ।
२४. स्वास्थ्य, क.न., पब्लिक हेल्थ नर्स पदका लागि : मान्यता प्राप्त शिक्षण संस्थाबाट प.हे.न.वा नर्सिङ्ग विषयमा प्रमाणपत्र तह उत्तीर्ण ।
(बाँकी पृष्ठ ८ मा)
